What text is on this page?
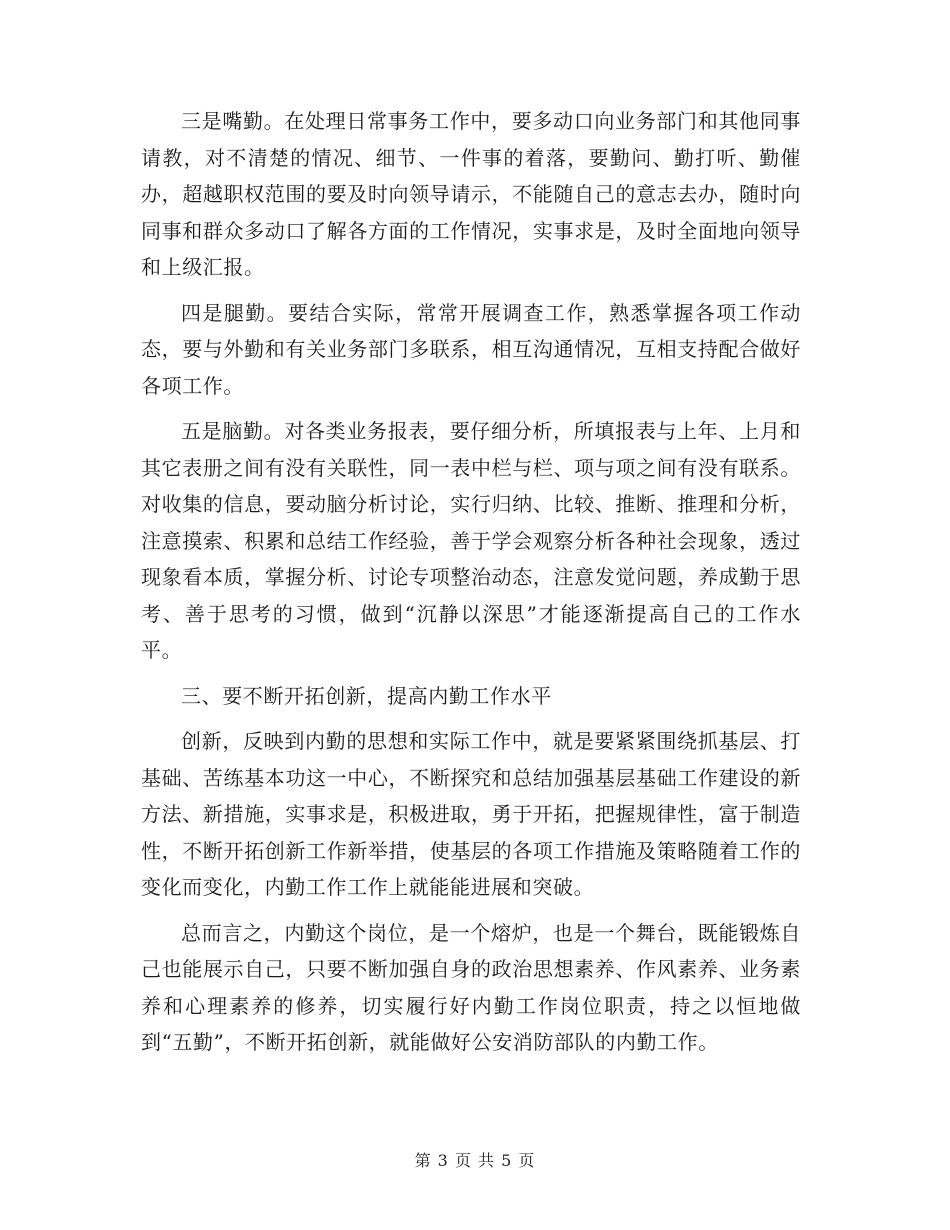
三是嘴勤。在处理日常事务工作中，要多动口向业务部门和其他同事请教，对不清楚的情况、细节、一件事的着落，要勤问、勤打听、勤催办，超越职权范围的要及时向领导请示，不能随自己的意志去办，随时向同事和群众多动口了解各方面的工作情况，实事求是，及时全面地向领导和上级汇报。

四是腿勤。要结合实际，常常开展调查工作，熟悉掌握各项工作动态，要与外勤和有关业务部门多联系，相互沟通情况，互相支持配合做好各项工作。

五是脑勤。对各类业务报表，要仔细分析，所填报表与上年、上月和其它表册之间有没有关联性，同一表中栏与栏、项与项之间有没有联系。对收集的信息，要动脑分析讨论，实行归纳、比较、推断、推理和分析，注意摸索、积累和总结工作经验，善于学会观察分析各种社会现象，透过现象看本质，掌握分析、讨论专项整治动态，注意发觉问题，养成勤于思考、善于思考的习惯，做到“沉静以深思”才能逐渐提高自己的工作水平。

三、要不断开拓创新，提高内勤工作水平

创新，反映到内勤的思想和实际工作中，就是要紧紧围绕抓基层、打基础、苦练基本功这一中心，不断探究和总结加强基层基础工作建设的新方法、新措施，实事求是，积极进取，勇于开拓，把握规律性，富于制造性，不断开拓创新工作新举措，使基层的各项工作措施及策略随着工作的变化而变化，内勤工作工作上就能能进展和突破。

总而言之，内勤这个岗位，是一个熔炉，也是一个舞台，既能锻炼自己也能展示自己，只要不断加强自身的政治思想素养、作风素养、业务素养和心理素养的修养，切实履行好内勤工作岗位职责，持之以恒地做到“五勤”，不断开拓创新，就能做好公安消防部队的内勤工作。

第 3 页 共 5 页
